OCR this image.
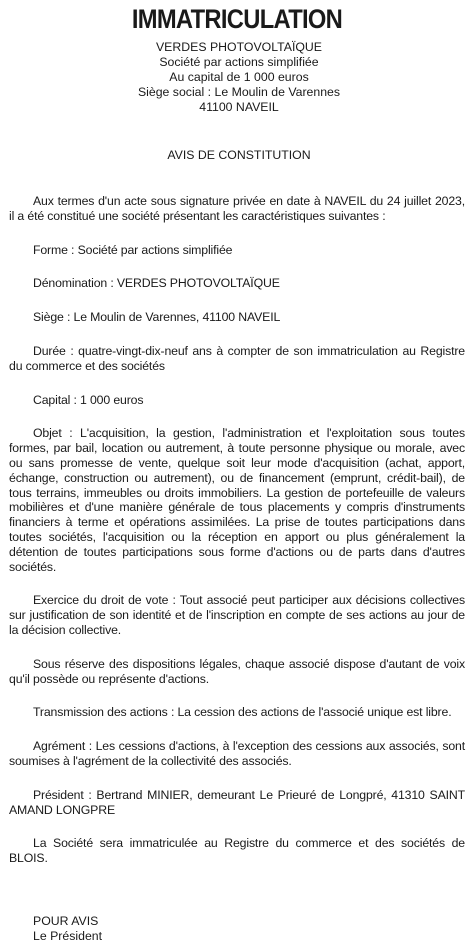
IMMATRICULATION
VERDES PHOTOVOLTAÏQUE
Société par actions simplifiée
Au capital de 1 000 euros
Siège social : Le Moulin de Varennes
41100 NAVEIL
AVIS DE CONSTITUTION

Aux termes d'un acte sous signature privée en date à NAVEIL du 24 juillet 2023, il a été constitué une société présentant les caractéristiques suivantes :

Forme : Société par actions simplifiée

Dénomination : VERDES PHOTOVOLTAÏQUE

Siège : Le Moulin de Varennes, 41100 NAVEIL

Durée : quatre-vingt-dix-neuf ans à compter de son immatriculation au Registre du commerce et des sociétés

Capital : 1 000 euros

Objet : L'acquisition, la gestion, l'administration et l'exploitation sous toutes formes, par bail, location ou autrement, à toute personne physique ou morale, avec ou sans promesse de vente, quelque soit leur mode d'acquisition (achat, apport, échange, construction ou autrement), ou de financement (emprunt, crédit-bail), de tous terrains, immeubles ou droits immobiliers. La gestion de portefeuille de valeurs mobilières et d'une manière générale de tous placements y compris d'instruments financiers à terme et opérations assimilées. La prise de toutes participations dans toutes sociétés, l'acquisition ou la réception en apport ou plus généralement la détention de toutes participations sous forme d'actions ou de parts dans d'autres sociétés.

Exercice du droit de vote : Tout associé peut participer aux décisions collectives sur justification de son identité et de l'inscription en compte de ses actions au jour de la décision collective.

Sous réserve des dispositions légales, chaque associé dispose d'autant de voix qu'il possède ou représente d'actions.

Transmission des actions : La cession des actions de l'associé unique est libre.

Agrément : Les cessions d'actions, à l'exception des cessions aux associés, sont soumises à l'agrément de la collectivité des associés.

Président : Bertrand MINIER, demeurant Le Prieuré de Longpré, 41310 SAINT AMAND LONGPRE

La Société sera immatriculée au Registre du commerce et des sociétés de BLOIS.

POUR AVIS
Le Président
